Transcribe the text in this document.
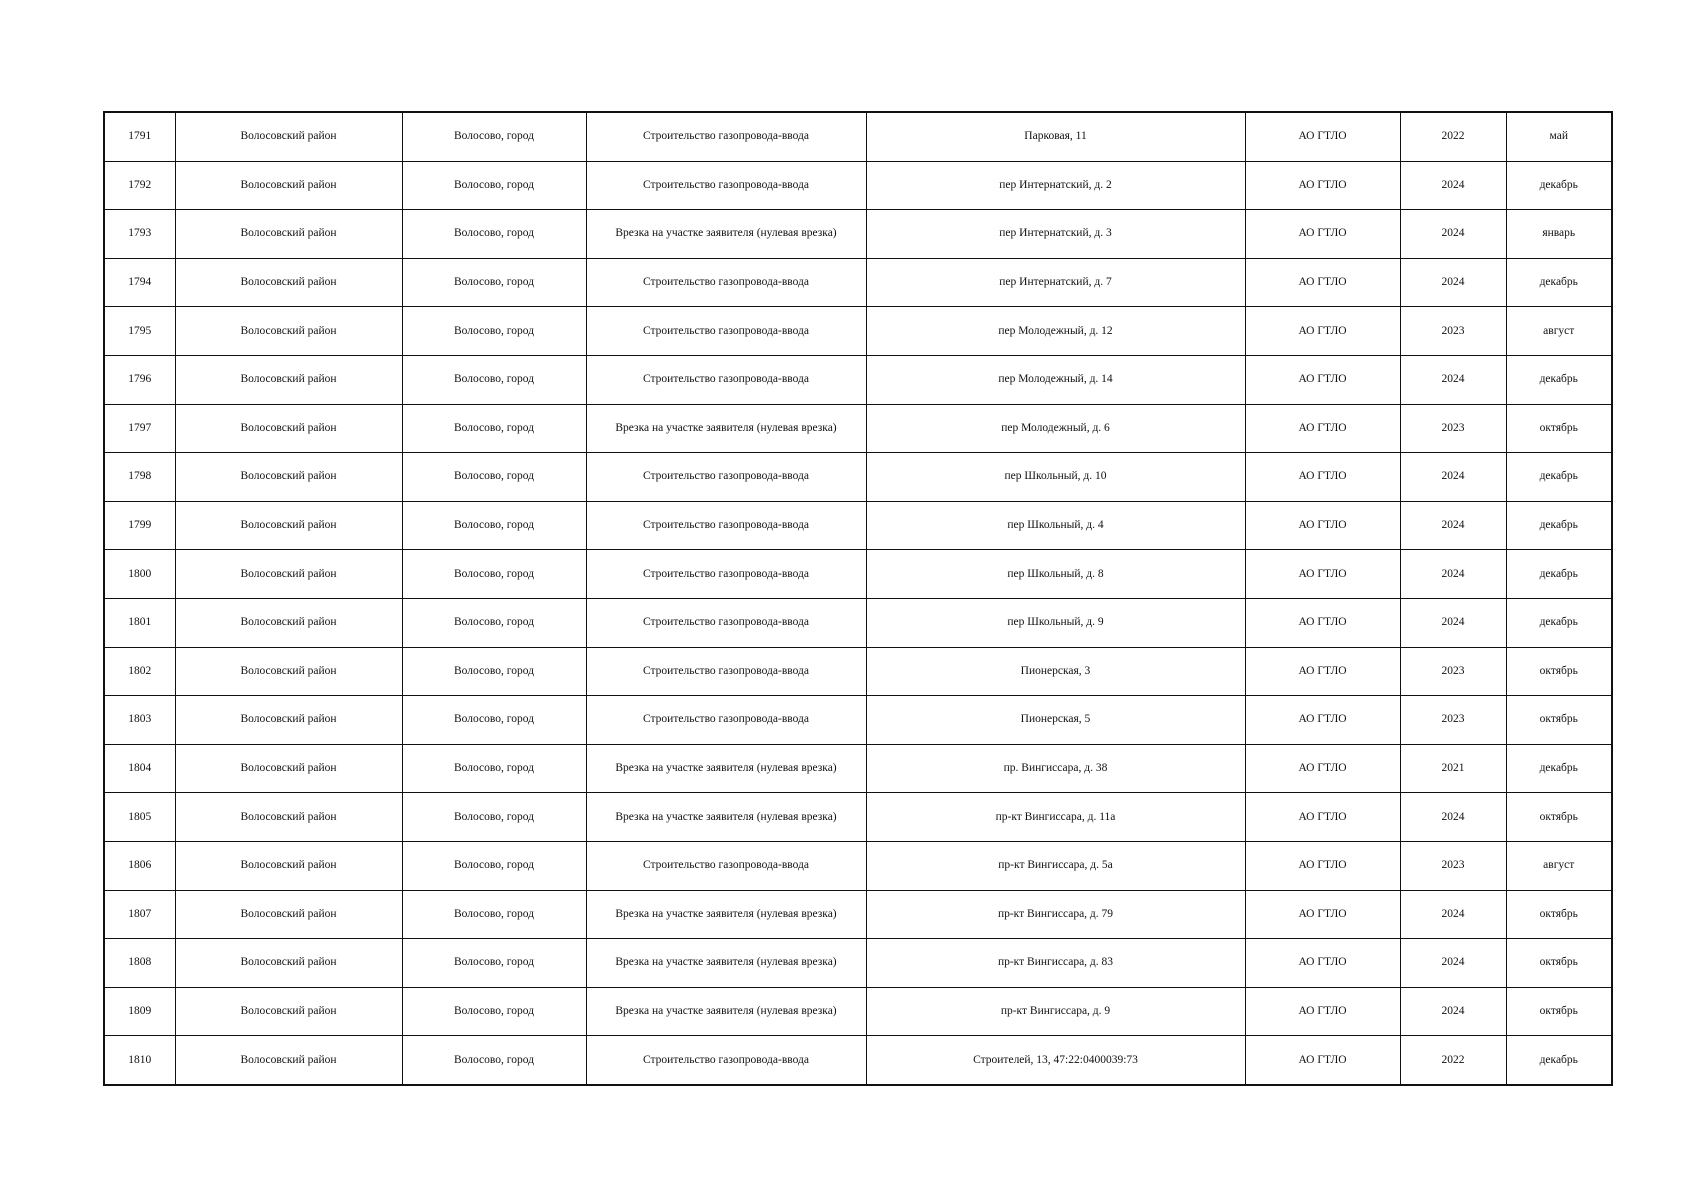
1791	Волосовский район	Волосово, город	Строительство газопровода-ввода	Парковая, 11	АО ГТЛО	2022	май
1792	Волосовский район	Волосово, город	Строительство газопровода-ввода	пер Интернатский, д. 2	АО ГТЛО	2024	декабрь
1793	Волосовский район	Волосово, город	Врезка на участке заявителя (нулевая врезка)	пер Интернатский, д. 3	АО ГТЛО	2024	январь
1794	Волосовский район	Волосово, город	Строительство газопровода-ввода	пер Интернатский, д. 7	АО ГТЛО	2024	декабрь
1795	Волосовский район	Волосово, город	Строительство газопровода-ввода	пер Молодежный, д. 12	АО ГТЛО	2023	август
1796	Волосовский район	Волосово, город	Строительство газопровода-ввода	пер Молодежный, д. 14	АО ГТЛО	2024	декабрь
1797	Волосовский район	Волосово, город	Врезка на участке заявителя (нулевая врезка)	пер Молодежный, д. 6	АО ГТЛО	2023	октябрь
1798	Волосовский район	Волосово, город	Строительство газопровода-ввода	пер Школьный, д. 10	АО ГТЛО	2024	декабрь
1799	Волосовский район	Волосово, город	Строительство газопровода-ввода	пер Школьный, д. 4	АО ГТЛО	2024	декабрь
1800	Волосовский район	Волосово, город	Строительство газопровода-ввода	пер Школьный, д. 8	АО ГТЛО	2024	декабрь
1801	Волосовский район	Волосово, город	Строительство газопровода-ввода	пер Школьный, д. 9	АО ГТЛО	2024	декабрь
1802	Волосовский район	Волосово, город	Строительство газопровода-ввода	Пионерская, 3	АО ГТЛО	2023	октябрь
1803	Волосовский район	Волосово, город	Строительство газопровода-ввода	Пионерская, 5	АО ГТЛО	2023	октябрь
1804	Волосовский район	Волосово, город	Врезка на участке заявителя (нулевая врезка)	пр. Вингиссара, д. 38	АО ГТЛО	2021	декабрь
1805	Волосовский район	Волосово, город	Врезка на участке заявителя (нулевая врезка)	пр-кт Вингиссара, д. 11а	АО ГТЛО	2024	октябрь
1806	Волосовский район	Волосово, город	Строительство газопровода-ввода	пр-кт Вингиссара, д. 5а	АО ГТЛО	2023	август
1807	Волосовский район	Волосово, город	Врезка на участке заявителя (нулевая врезка)	пр-кт Вингиссара, д. 79	АО ГТЛО	2024	октябрь
1808	Волосовский район	Волосово, город	Врезка на участке заявителя (нулевая врезка)	пр-кт Вингиссара, д. 83	АО ГТЛО	2024	октябрь
1809	Волосовский район	Волосово, город	Врезка на участке заявителя (нулевая врезка)	пр-кт Вингиссара, д. 9	АО ГТЛО	2024	октябрь
1810	Волосовский район	Волосово, город	Строительство газопровода-ввода	Строителей, 13, 47:22:0400039:73	АО ГТЛО	2022	декабрь
